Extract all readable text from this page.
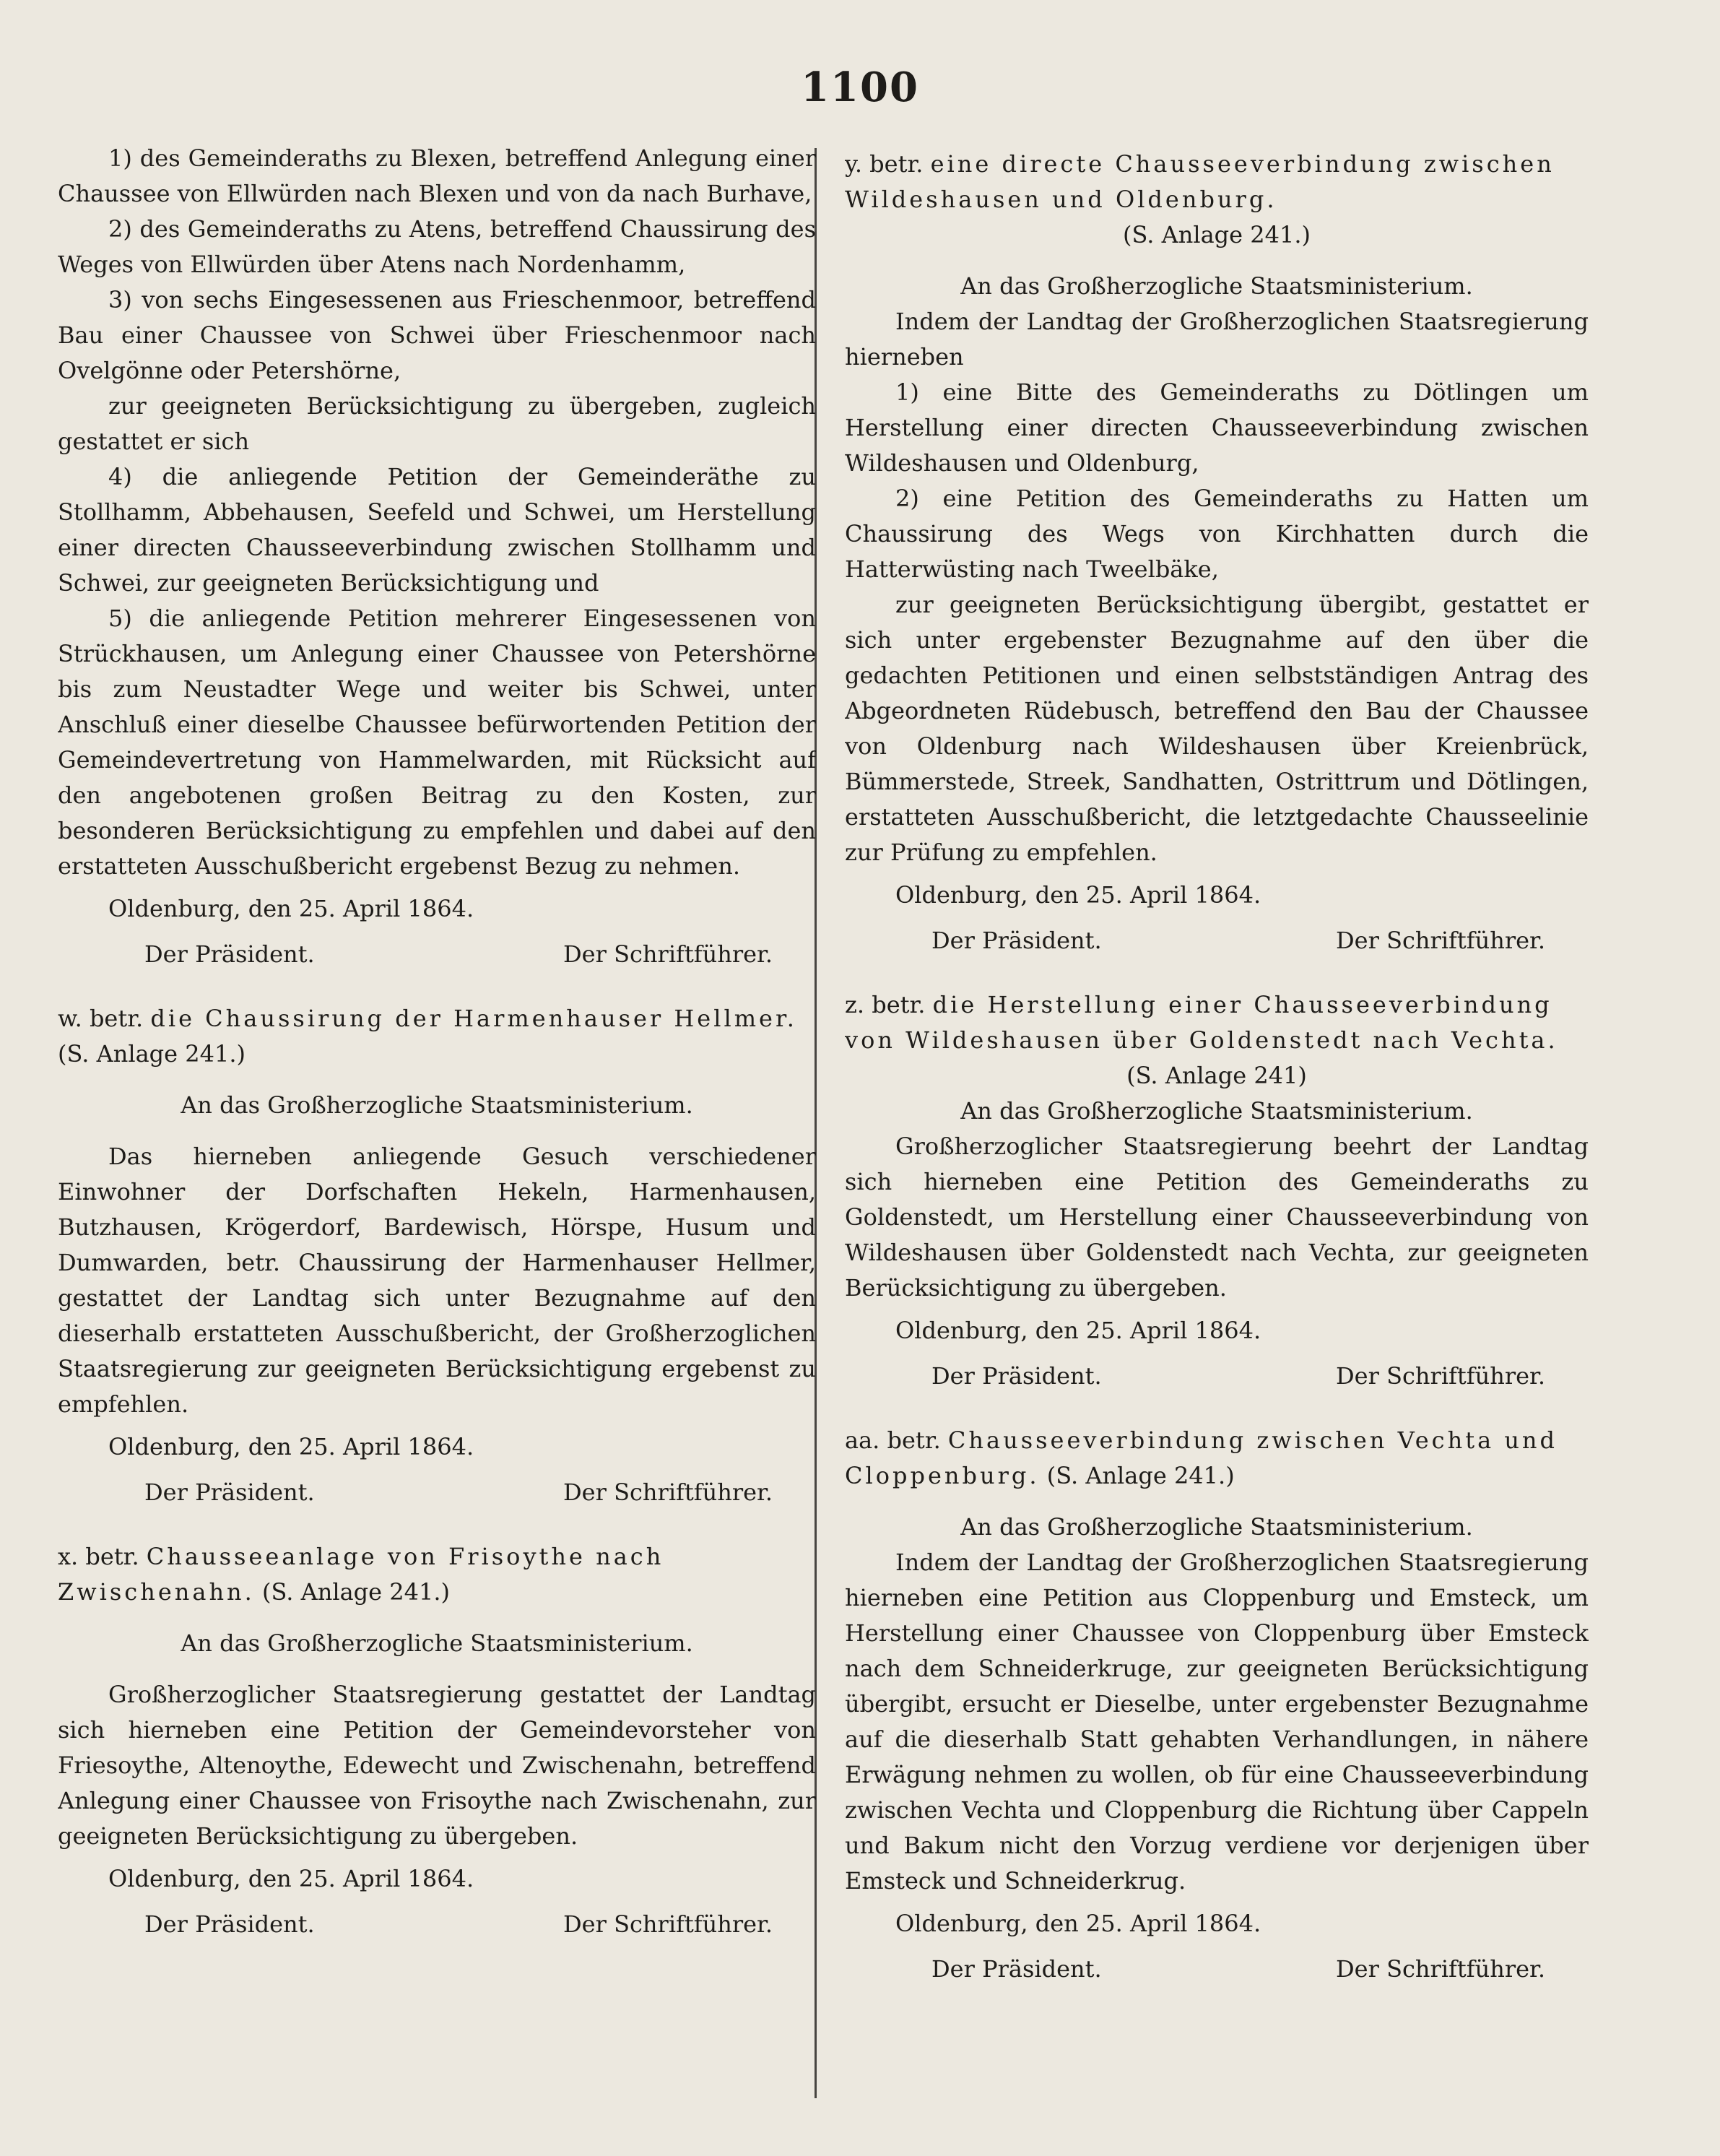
1100

1) des Gemeinderaths zu Blexen, betreffend Anlegung einer Chaussee von Ellwürden nach Blexen und von da nach Burhave,

2) des Gemeinderaths zu Atens, betreffend Chaussirung des Weges von Ellwürden über Atens nach Nordenhamm,

3) von sechs Eingesessenen aus Frieschenmoor, betreffend Bau einer Chaussee von Schwei über Frieschenmoor nach Ovelgönne oder Petershörne,

zur geeigneten Berücksichtigung zu übergeben, zugleich gestattet er sich

4) die anliegende Petition der Gemeinderäthe zu Stollhamm, Abbehausen, Seefeld und Schwei, um Herstellung einer directen Chausseeverbindung zwischen Stollhamm und Schwei, zur geeigneten Berücksichtigung und

5) die anliegende Petition mehrerer Eingesessenen von Strückhausen, um Anlegung einer Chaussee von Petershörne bis zum Neustadter Wege und weiter bis Schwei, unter Anschluß einer dieselbe Chaussee befürwortenden Petition der Gemeindevertretung von Hammelwarden, mit Rücksicht auf den angebotenen großen Beitrag zu den Kosten, zur besonderen Berücksichtigung zu empfehlen und dabei auf den erstatteten Ausschußbericht ergebenst Bezug zu nehmen.

Oldenburg, den 25. April 1864.

Der Präsident.	Der Schriftführer.
w. betr. die Chaussirung der Harmenhauser Hellmer. (S. Anlage 241.)

An das Großherzogliche Staatsministerium.

Das hierneben anliegende Gesuch verschiedener Einwohner der Dorfschaften Hekeln, Harmenhausen, Butzhausen, Krögerdorf, Bardewisch, Hörspe, Husum und Dumwarden, betr. Chaussirung der Harmenhauser Hellmer, gestattet der Landtag sich unter Bezugnahme auf den dieserhalb erstatteten Ausschußbericht, der Großherzoglichen Staatsregierung zur geeigneten Berücksichtigung ergebenst zu empfehlen.

Oldenburg, den 25. April 1864.

Der Präsident.	Der Schriftführer.
x. betr. Chausseeanlage von Frisoythe nach Zwischenahn. (S. Anlage 241.)

An das Großherzogliche Staatsministerium.

Großherzoglicher Staatsregierung gestattet der Landtag sich hierneben eine Petition der Gemeindevorsteher von Friesoythe, Altenoythe, Edewecht und Zwischenahn, betreffend Anlegung einer Chaussee von Frisoythe nach Zwischenahn, zur geeigneten Berücksichtigung zu übergeben.

Oldenburg, den 25. April 1864.

Der Präsident.	Der Schriftführer.
y. betr. eine directe Chausseeverbindung zwischen Wildeshausen und Oldenburg.

(S. Anlage 241.)

An das Großherzogliche Staatsministerium.

Indem der Landtag der Großherzoglichen Staatsregierung hierneben

1) eine Bitte des Gemeinderaths zu Dötlingen um Herstellung einer directen Chausseeverbindung zwischen Wildeshausen und Oldenburg,

2) eine Petition des Gemeinderaths zu Hatten um Chaussirung des Wegs von Kirchhatten durch die Hatterwüsting nach Tweelbäke,

zur geeigneten Berücksichtigung übergibt, gestattet er sich unter ergebenster Bezugnahme auf den über die gedachten Petitionen und einen selbstständigen Antrag des Abgeordneten Rüdebusch, betreffend den Bau der Chaussee von Oldenburg nach Wildeshausen über Kreienbrück, Bümmerstede, Streek, Sandhatten, Ostrittrum und Dötlingen, erstatteten Ausschußbericht, die letztgedachte Chausseelinie zur Prüfung zu empfehlen.

Oldenburg, den 25. April 1864.

Der Präsident.	Der Schriftführer.
z. betr. die Herstellung einer Chausseeverbindung von Wildeshausen über Goldenstedt nach Vechta.

(S. Anlage 241)

An das Großherzogliche Staatsministerium.

Großherzoglicher Staatsregierung beehrt der Landtag sich hierneben eine Petition des Gemeinderaths zu Goldenstedt, um Herstellung einer Chausseeverbindung von Wildeshausen über Goldenstedt nach Vechta, zur geeigneten Berücksichtigung zu übergeben.

Oldenburg, den 25. April 1864.

Der Präsident.	Der Schriftführer.
aa. betr. Chausseeverbindung zwischen Vechta und Cloppenburg. (S. Anlage 241.)

An das Großherzogliche Staatsministerium.

Indem der Landtag der Großherzoglichen Staatsregierung hierneben eine Petition aus Cloppenburg und Emsteck, um Herstellung einer Chaussee von Cloppenburg über Emsteck nach dem Schneiderkruge, zur geeigneten Berücksichtigung übergibt, ersucht er Dieselbe, unter ergebenster Bezugnahme auf die dieserhalb Statt gehabten Verhandlungen, in nähere Erwägung nehmen zu wollen, ob für eine Chausseeverbindung zwischen Vechta und Cloppenburg die Richtung über Cappeln und Bakum nicht den Vorzug verdiene vor derjenigen über Emsteck und Schneiderkrug.

Oldenburg, den 25. April 1864.

Der Präsident.	Der Schriftführer.
